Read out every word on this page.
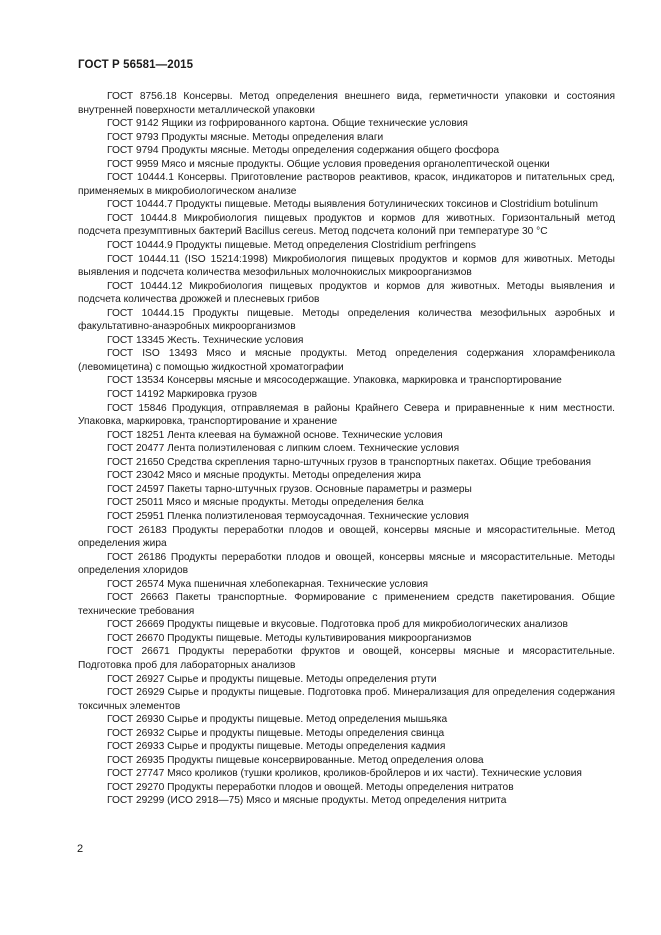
ГОСТ Р 56581—2015

ГОСТ 8756.18 Консервы. Метод определения внешнего вида, герметичности упаковки и состояния внутренней поверхности металлической упаковки

ГОСТ 9142 Ящики из гофрированного картона. Общие технические условия

ГОСТ 9793 Продукты мясные. Методы определения влаги

ГОСТ 9794 Продукты мясные. Методы определения содержания общего фосфора

ГОСТ 9959 Мясо и мясные продукты. Общие условия проведения органолептической оценки

ГОСТ 10444.1 Консервы. Приготовление растворов реактивов, красок, индикаторов и питательных сред, применяемых в микробиологическом анализе

ГОСТ 10444.7 Продукты пищевые. Методы выявления ботулинических токсинов и Clostridium botulinum

ГОСТ 10444.8 Микробиология пищевых продуктов и кормов для животных. Горизонтальный метод подсчета презумптивных бактерий Bacillus cereus. Метод подсчета колоний при температуре 30 °С

ГОСТ 10444.9 Продукты пищевые. Метод определения Clostridium perfringens

ГОСТ 10444.11 (ISO 15214:1998) Микробиология пищевых продуктов и кормов для животных. Методы выявления и подсчета количества мезофильных молочнокислых микроорганизмов

ГОСТ 10444.12 Микробиология пищевых продуктов и кормов для животных. Методы выявления и подсчета количества дрожжей и плесневых грибов

ГОСТ 10444.15 Продукты пищевые. Методы определения количества мезофильных аэробных и факультативно-анаэробных микроорганизмов

ГОСТ 13345 Жесть. Технические условия

ГОСТ ISO 13493 Мясо и мясные продукты. Метод определения содержания хлорамфеникола (левомицетина) с помощью жидкостной хроматографии

ГОСТ 13534 Консервы мясные и мясосодержащие. Упаковка, маркировка и транспортирование

ГОСТ 14192 Маркировка грузов

ГОСТ 15846 Продукция, отправляемая в районы Крайнего Севера и приравненные к ним местности. Упаковка, маркировка, транспортирование и хранение

ГОСТ 18251 Лента клеевая на бумажной основе. Технические условия

ГОСТ 20477 Лента полиэтиленовая с липким слоем. Технические условия

ГОСТ 21650 Средства скрепления тарно-штучных грузов в транспортных пакетах. Общие требования

ГОСТ 23042 Мясо и мясные продукты. Методы определения жира

ГОСТ 24597 Пакеты тарно-штучных грузов. Основные параметры и размеры

ГОСТ 25011 Мясо и мясные продукты. Методы определения белка

ГОСТ 25951 Пленка полиэтиленовая термоусадочная. Технические условия

ГОСТ 26183 Продукты переработки плодов и овощей, консервы мясные и мясорастительные. Метод определения жира

ГОСТ 26186 Продукты переработки плодов и овощей, консервы мясные и мясорастительные. Методы определения хлоридов

ГОСТ 26574 Мука пшеничная хлебопекарная. Технические условия

ГОСТ 26663 Пакеты транспортные. Формирование с применением средств пакетирования. Общие технические требования

ГОСТ 26669 Продукты пищевые и вкусовые. Подготовка проб для микробиологических анализов

ГОСТ 26670 Продукты пищевые. Методы культивирования микроорганизмов

ГОСТ 26671 Продукты переработки фруктов и овощей, консервы мясные и мясорастительные. Подготовка проб для лабораторных анализов

ГОСТ 26927 Сырье и продукты пищевые. Методы определения ртути

ГОСТ 26929 Сырье и продукты пищевые. Подготовка проб. Минерализация для определения содержания токсичных элементов

ГОСТ 26930 Сырье и продукты пищевые. Метод определения мышьяка

ГОСТ 26932 Сырье и продукты пищевые. Методы определения свинца

ГОСТ 26933 Сырье и продукты пищевые. Методы определения кадмия

ГОСТ 26935 Продукты пищевые консервированные. Метод определения олова

ГОСТ 27747 Мясо кроликов (тушки кроликов, кроликов-бройлеров и их части). Технические условия

ГОСТ 29270 Продукты переработки плодов и овощей. Методы определения нитратов

ГОСТ 29299 (ИСО 2918—75) Мясо и мясные продукты. Метод определения нитрита

2
